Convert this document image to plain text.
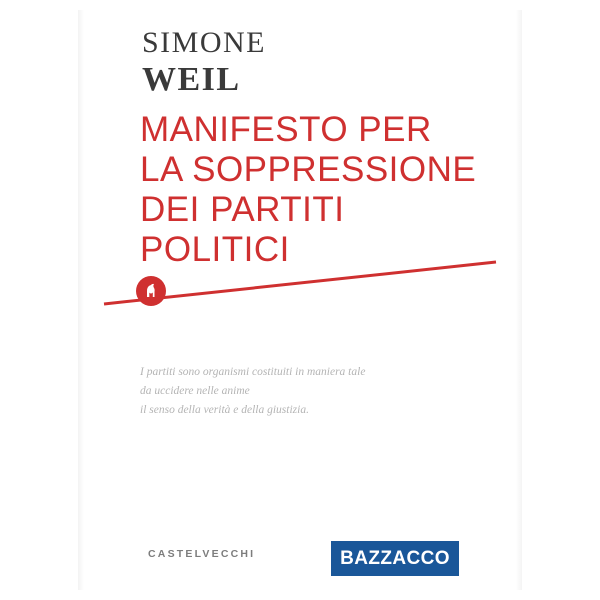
SIMONE
WEIL
MANIFESTO PER
LA SOPPRESSIONE
DEI PARTITI
POLITICI
I partiti sono organismi costituiti in maniera tale
da uccidere nelle anime
il senso della verità e della giustizia.
CASTELVECCHI	BAZZACCO
